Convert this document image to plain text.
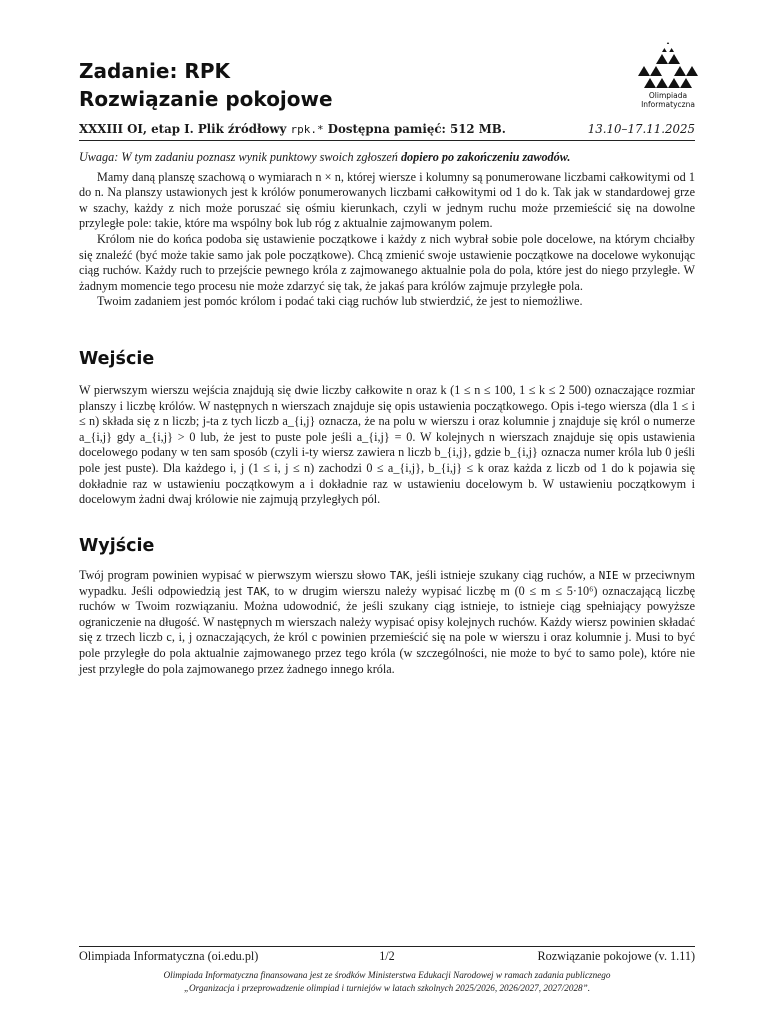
Zadanie: RPK
Rozwiązanie pokojowe	Olimpiada
Informatyczna
XXXIII OI, etap I. Plik źródłowy rpk.* Dostępna pamięć: 512 MB.	13.10–17.11.2025

Uwaga: W tym zadaniu poznasz wynik punktowy swoich zgłoszeń dopiero po zakończeniu zawodów.

Mamy daną planszę szachową o wymiarach n × n, której wiersze i kolumny są ponumerowane liczbami całkowitymi od 1 do n. Na planszy ustawionych jest k królów ponumerowanych liczbami całkowitymi od 1 do k. Tak jak w standardowej grze w szachy, każdy z nich może poruszać się ośmiu kierunkach, czyli w jednym ruchu może przemieścić się na dowolne przyległe pole: takie, które ma wspólny bok lub róg z aktualnie zajmowanym polem.

Królom nie do końca podoba się ustawienie początkowe i każdy z nich wybrał sobie pole docelowe, na którym chciałby się znaleźć (być może takie samo jak pole początkowe). Chcą zmienić swoje ustawienie początkowe na docelowe wykonując ciąg ruchów. Każdy ruch to przejście pewnego króla z zajmowanego aktualnie pola do pola, które jest do niego przyległe. W żadnym momencie tego procesu nie może zdarzyć się tak, że jakaś para królów zajmuje przyległe pola.

Twoim zadaniem jest pomóc królom i podać taki ciąg ruchów lub stwierdzić, że jest to niemożliwe.

Wejście

W pierwszym wierszu wejścia znajdują się dwie liczby całkowite n oraz k (1 ≤ n ≤ 100, 1 ≤ k ≤ 2 500) oznaczające rozmiar planszy i liczbę królów. W następnych n wierszach znajduje się opis ustawienia początkowego. Opis i-tego wiersza (dla 1 ≤ i ≤ n) składa się z n liczb; j-ta z tych liczb a_{i,j} oznacza, że na polu w wierszu i oraz kolumnie j znajduje się król o numerze a_{i,j} gdy a_{i,j} > 0 lub, że jest to puste pole jeśli a_{i,j} = 0. W kolejnych n wierszach znajduje się opis ustawienia docelowego podany w ten sam sposób (czyli i-ty wiersz zawiera n liczb b_{i,j}, gdzie b_{i,j} oznacza numer króla lub 0 jeśli pole jest puste). Dla każdego i, j (1 ≤ i, j ≤ n) zachodzi 0 ≤ a_{i,j}, b_{i,j} ≤ k oraz każda z liczb od 1 do k pojawia się dokładnie raz w ustawieniu początkowym a i dokładnie raz w ustawieniu docelowym b. W ustawieniu początkowym i docelowym żadni dwaj królowie nie zajmują przyległych pól.

Wyjście

Twój program powinien wypisać w pierwszym wierszu słowo TAK, jeśli istnieje szukany ciąg ruchów, a NIE w przeciwnym wypadku. Jeśli odpowiedzią jest TAK, to w drugim wierszu należy wypisać liczbę m (0 ≤ m ≤ 5·10⁶) oznaczającą liczbę ruchów w Twoim rozwiązaniu. Można udowodnić, że jeśli szukany ciąg istnieje, to istnieje ciąg spełniający powyższe ograniczenie na długość. W następnych m wierszach należy wypisać opisy kolejnych ruchów. Każdy wiersz powinien składać się z trzech liczb c, i, j oznaczających, że król c powinien przemieścić się na pole w wierszu i oraz kolumnie j. Musi to być pole przyległe do pola aktualnie zajmowanego przez tego króla (w szczególności, nie może to być to samo pole), które nie jest przyległe do pola zajmowanego przez żadnego innego króla.

Olimpiada Informatyczna (oi.edu.pl)	1/2	Rozwiązanie pokojowe (v. 1.11)
Olimpiada Informatyczna finansowana jest ze środków Ministerstwa Edukacji Narodowej w ramach zadania publicznego
„Organizacja i przeprowadzenie olimpiad i turniejów w latach szkolnych 2025/2026, 2026/2027, 2027/2028”.
